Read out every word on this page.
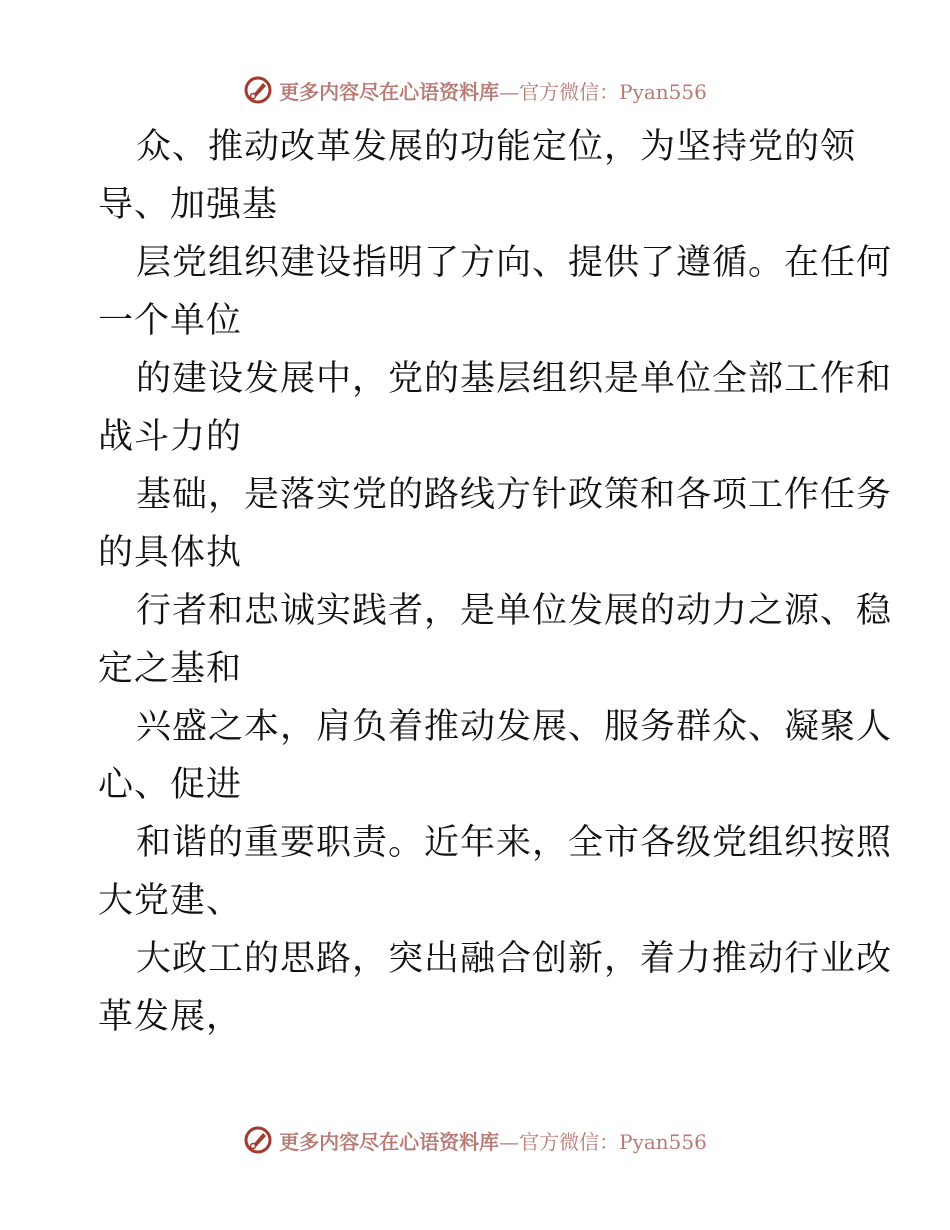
更多内容尽在心语资料库—官方微信：Pyan556
众、推动改革发展的功能定位，为坚持党的领
导、加强基
层党组织建设指明了方向、提供了遵循。在任何
一个单位
的建设发展中，党的基层组织是单位全部工作和
战斗力的
基础，是落实党的路线方针政策和各项工作任务
的具体执
行者和忠诚实践者，是单位发展的动力之源、稳
定之基和
兴盛之本，肩负着推动发展、服务群众、凝聚人
心、促进
和谐的重要职责。近年来，全市各级党组织按照
大党建、
大政工的思路，突出融合创新，着力推动行业改
革发展，
更多内容尽在心语资料库—官方微信：Pyan556
